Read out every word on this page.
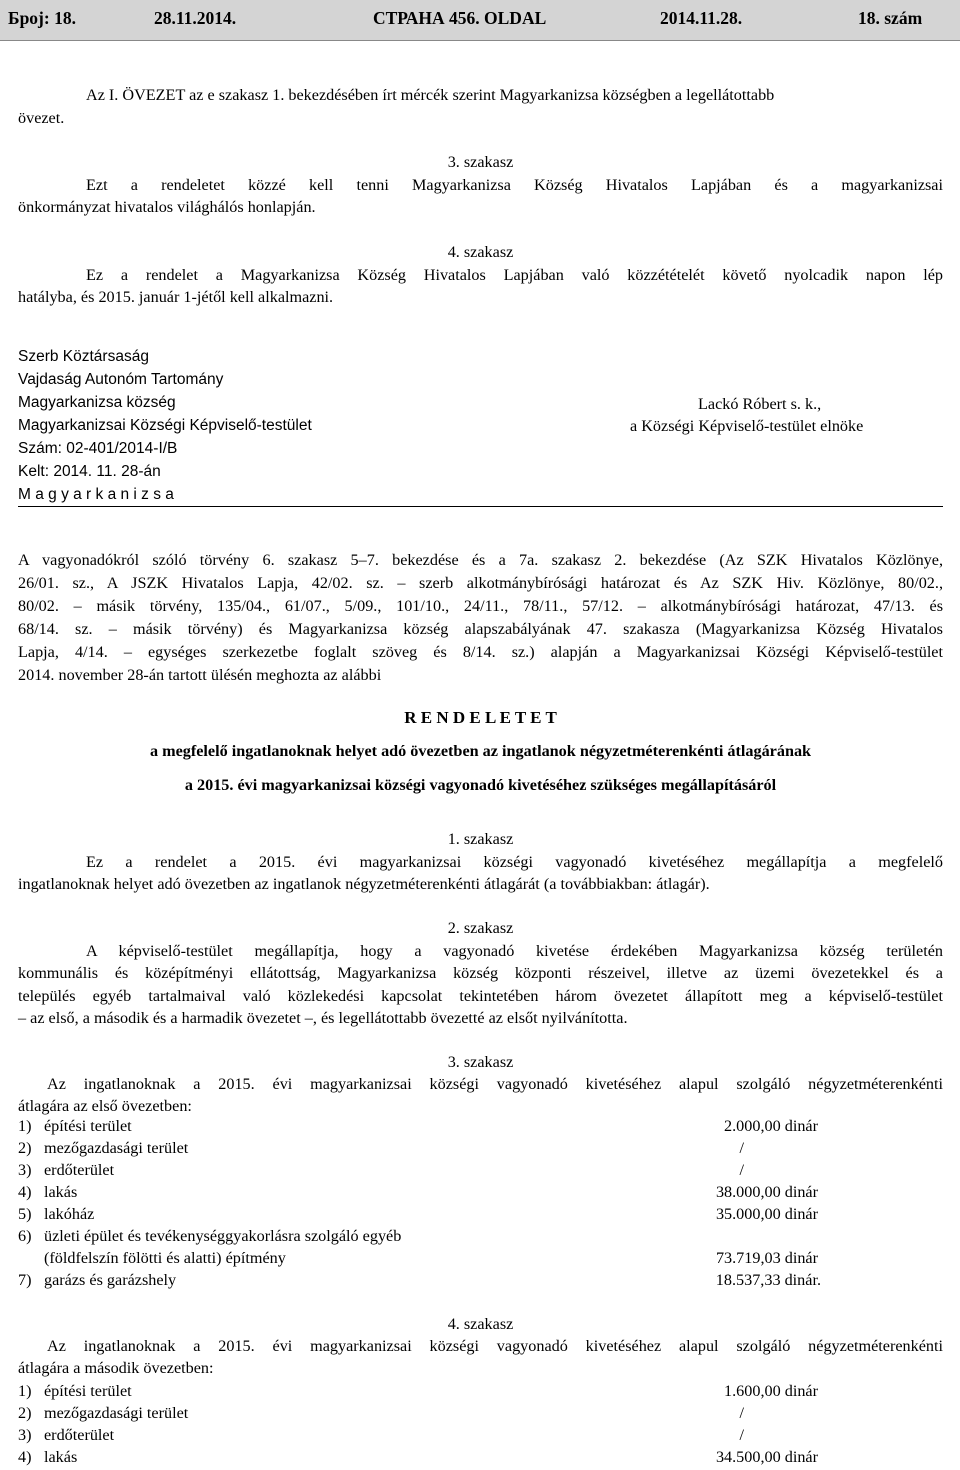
Број: 18.	28.11.2014.	СТРАНА 456. OLDAL	2014.11.28.	18. szám
Az I. ÖVEZET az e szakasz 1. bekezdésében írt mércék szerint Magyarkanizsa községben a legellátottabb
övezet.
3. szakasz
Ezt a rendeletet közzé kell tenni Magyarkanizsa Község Hivatalos Lapjában és a magyarkanizsai
önkormányzat hivatalos világhálós honlapján.
4. szakasz
Ez a rendelet a Magyarkanizsa Község Hivatalos Lapjában való közzétételét követő nyolcadik napon lép
hatályba, és 2015. január 1-jétől kell alkalmazni.
Szerb Köztársaság
Vajdaság Autonóm Tartomány
Magyarkanizsa község
Magyarkanizsai Községi Képviselő-testület
Szám: 02-401/2014-I/B
Kelt: 2014. 11. 28-án
M a g y a r k a n i z s a
Lackó Róbert s. k.,
a Községi Képviselő-testület elnöke
A vagyonadókról szóló törvény 6. szakasz 5–7. bekezdése és a 7a. szakasz 2. bekezdése (Az SZK Hivatalos Közlönye,
26/01. sz., A JSZK Hivatalos Lapja, 42/02. sz. – szerb alkotmánybírósági határozat és Az SZK Hiv. Közlönye, 80/02.,
80/02. – másik törvény, 135/04., 61/07., 5/09., 101/10., 24/11., 78/11., 57/12. – alkotmánybírósági határozat, 47/13. és
68/14. sz. – másik törvény) és Magyarkanizsa község alapszabályának 47. szakasza (Magyarkanizsa Község Hivatalos
Lapja, 4/14. – egységes szerkezetbe foglalt szöveg és 8/14. sz.) alapján a Magyarkanizsai Községi Képviselő-testület
2014. november 28-án tartott ülésén meghozta az alábbi
R E N D E L E T E T
a megfelelő ingatlanoknak helyet adó övezetben az ingatlanok négyzetméterenkénti átlagárának
a 2015. évi magyarkanizsai községi vagyonadó kivetéséhez szükséges megállapításáról
1. szakasz
Ez a rendelet a 2015. évi magyarkanizsai községi vagyonadó kivetéséhez megállapítja a megfelelő
ingatlanoknak helyet adó övezetben az ingatlanok négyzetméterenkénti átlagárát (a továbbiakban: átlagár).
2. szakasz
A képviselő-testület megállapítja, hogy a vagyonadó kivetése érdekében Magyarkanizsa község területén
kommunális és középítményi ellátottság, Magyarkanizsa község központi részeivel, illetve az üzemi övezetekkel és a
település egyéb tartalmaival való közlekedési kapcsolat tekintetében három övezetet állapított meg a képviselő-testület
– az első, a második és a harmadik övezetet –, és legellátottabb övezetté az elsőt nyilvánította.
3. szakasz
Az ingatlanoknak a 2015. évi magyarkanizsai községi vagyonadó kivetéséhez alapul szolgáló négyzetméterenkénti
átlagára az első övezetben:
1) építési terület	2.000,00 dinár
2) mezőgazdasági terület	/
3) erdőterület	/
4) lakás	38.000,00 dinár
5) lakóház	35.000,00 dinár
6) üzleti épület és tevékenységgyakorlásra szolgáló egyéb
(földfelszín fölötti és alatti) építmény	73.719,03 dinár
7) garázs és garázshely	18.537,33 dinár.
4. szakasz
Az ingatlanoknak a 2015. évi magyarkanizsai községi vagyonadó kivetéséhez alapul szolgáló négyzetméterenkénti
átlagára a második övezetben:
1) építési terület	1.600,00 dinár
2) mezőgazdasági terület	/
3) erdőterület	/
4) lakás	34.500,00 dinár
